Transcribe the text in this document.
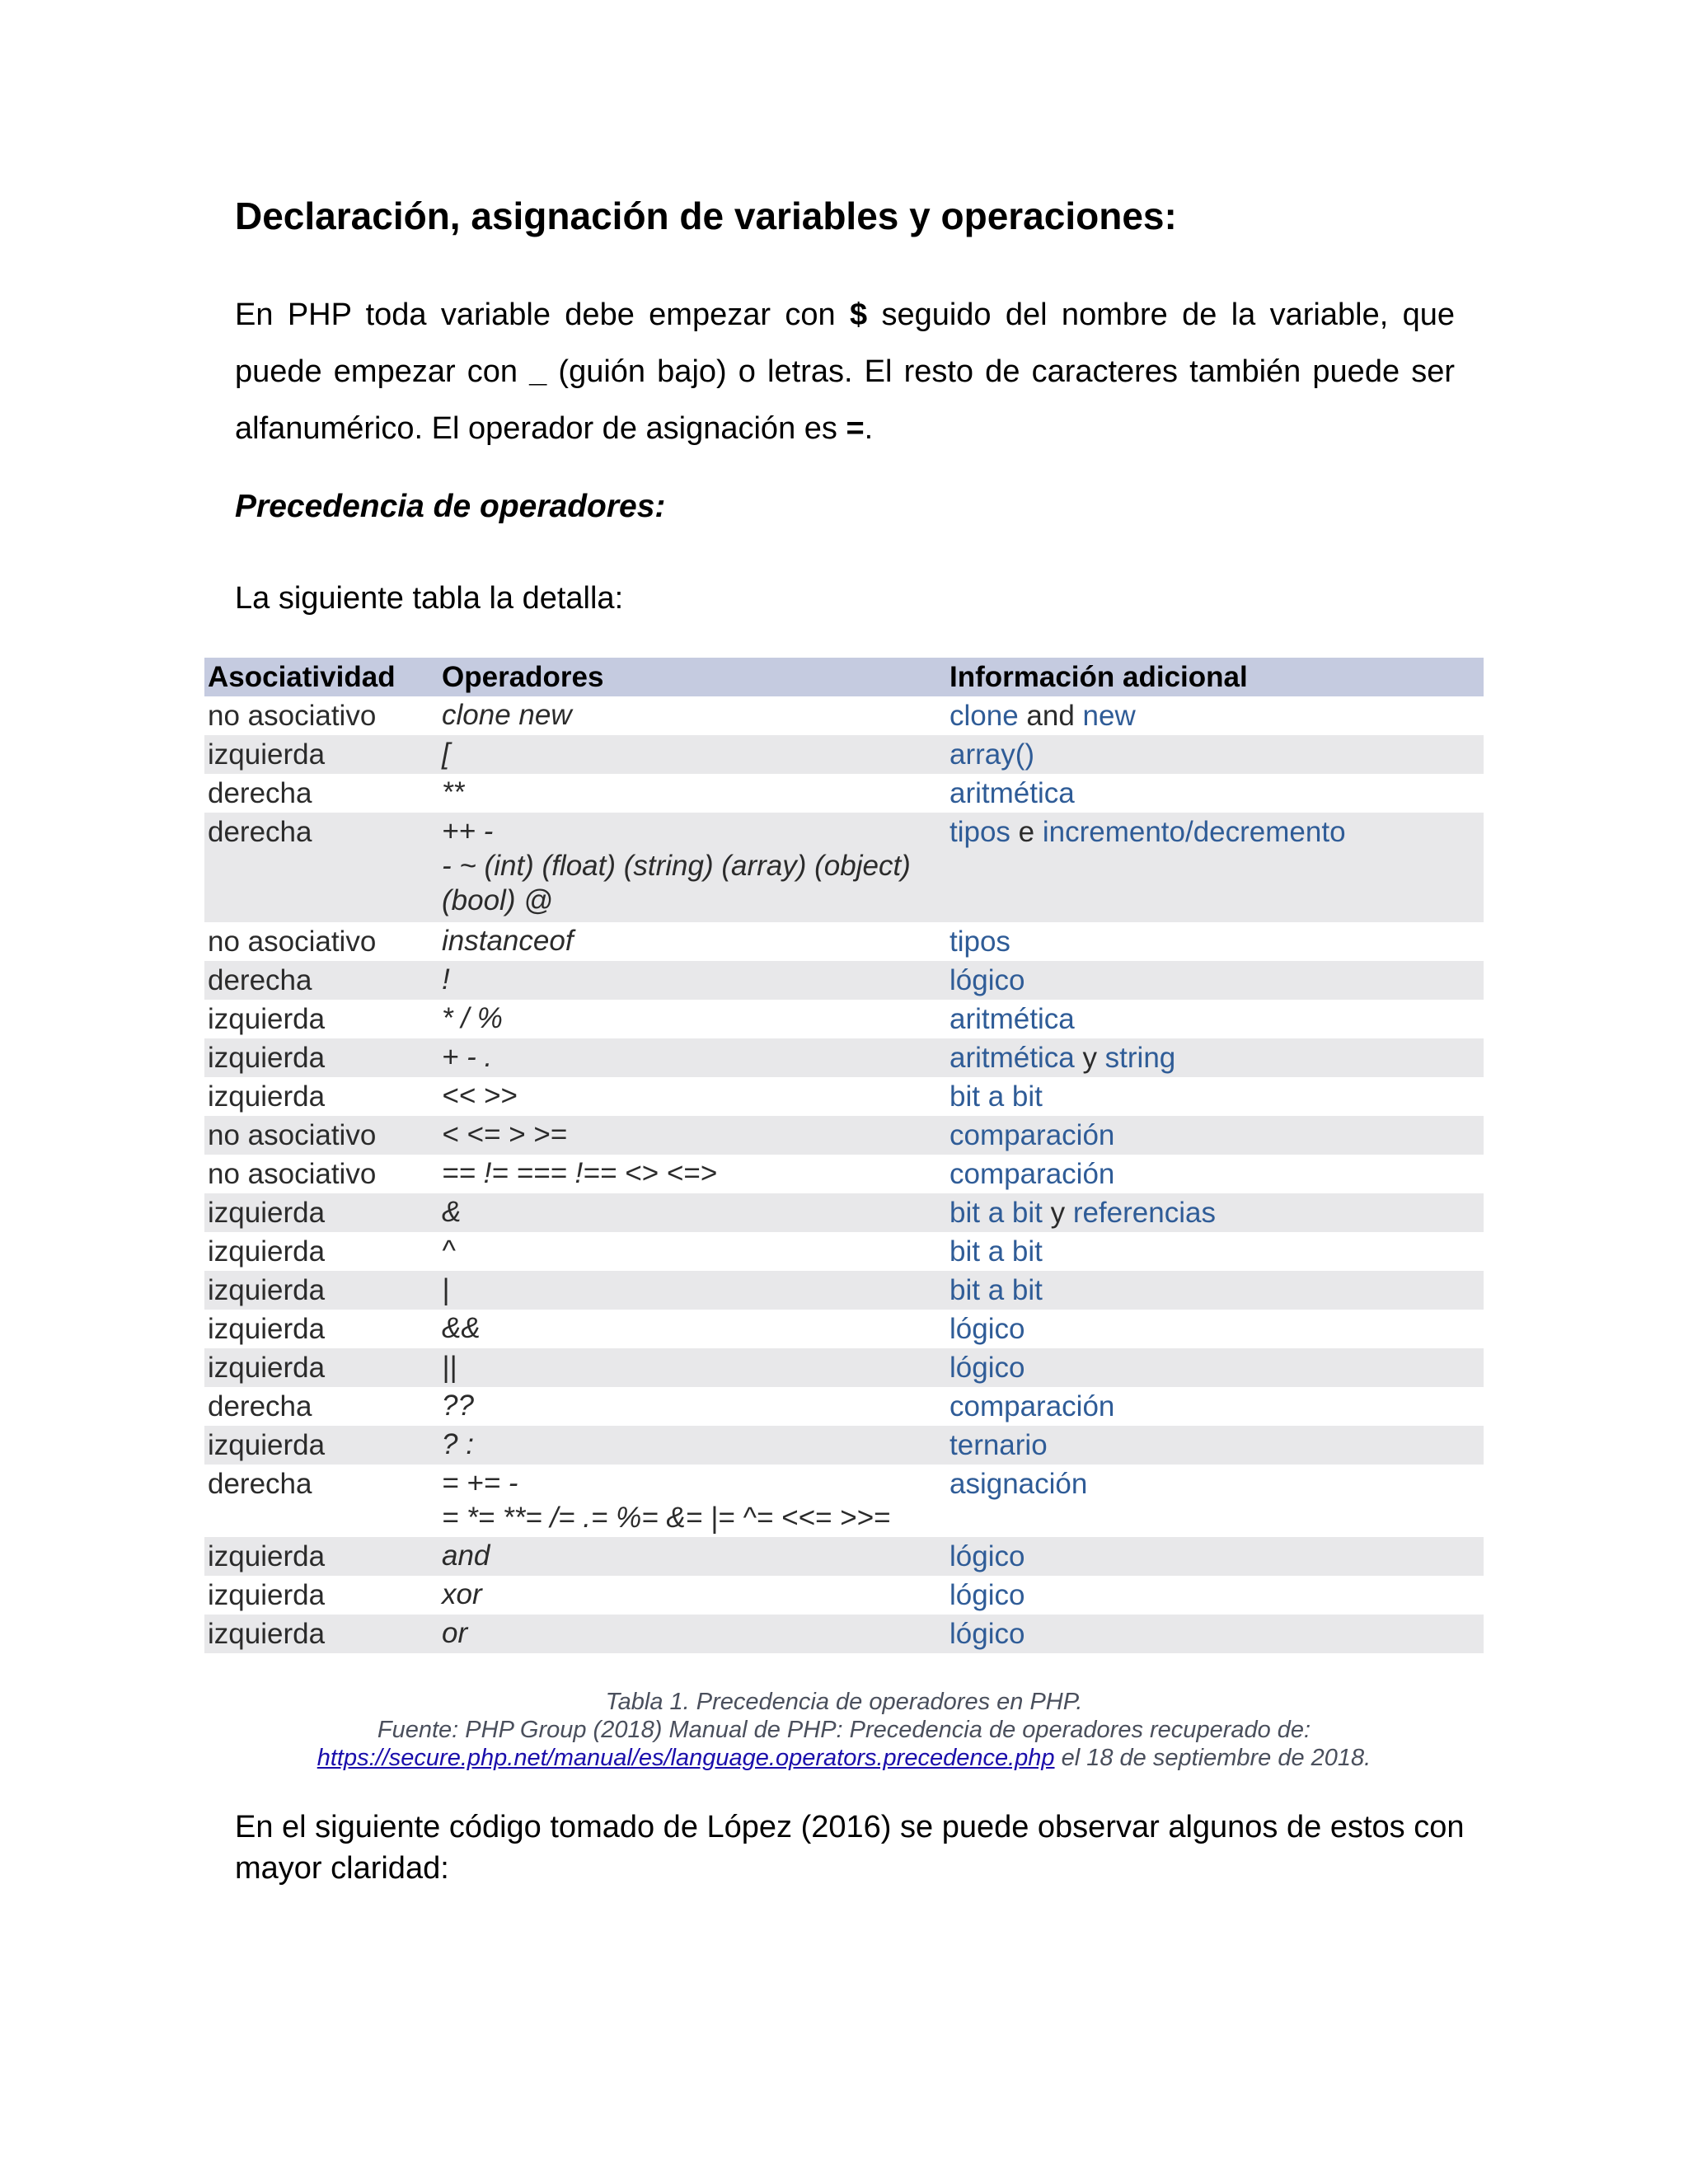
Declaración, asignación de variables y operaciones:

En PHP toda variable debe empezar con $ seguido del nombre de la variable, que puede empezar con _ (guión bajo) o letras. El resto de caracteres también puede ser alfanumérico. El operador de asignación es =.

Precedencia de operadores:

La siguiente tabla la detalla:

Asociatividad	Operadores	Información adicional
no asociativo	clone new	clone and new
izquierda	[	array()
derecha	**	aritmética
derecha	++ -
- ~ (int) (float) (string) (array) (object)
(bool) @	tipos e incremento/decremento
no asociativo	instanceof	tipos
derecha	!	lógico
izquierda	* / %	aritmética
izquierda	+ - .	aritmética y string
izquierda	<< >>	bit a bit
no asociativo	< <= > >=	comparación
no asociativo	== != === !== <> <=>	comparación
izquierda	&	bit a bit y referencias
izquierda	^	bit a bit
izquierda	|	bit a bit
izquierda	&&	lógico
izquierda	||	lógico
derecha	??	comparación
izquierda	? :	ternario
derecha	= += -
= *= **= /= .= %= &= |= ^= <<= >>=	asignación
izquierda	and	lógico
izquierda	xor	lógico
izquierda	or	lógico

Tabla 1. Precedencia de operadores en PHP.
Fuente: PHP Group (2018) Manual de PHP: Precedencia de operadores recuperado de:
https://secure.php.net/manual/es/language.operators.precedence.php el 18 de septiembre de 2018.

En el siguiente código tomado de López (2016) se puede observar algunos de estos con mayor claridad:
